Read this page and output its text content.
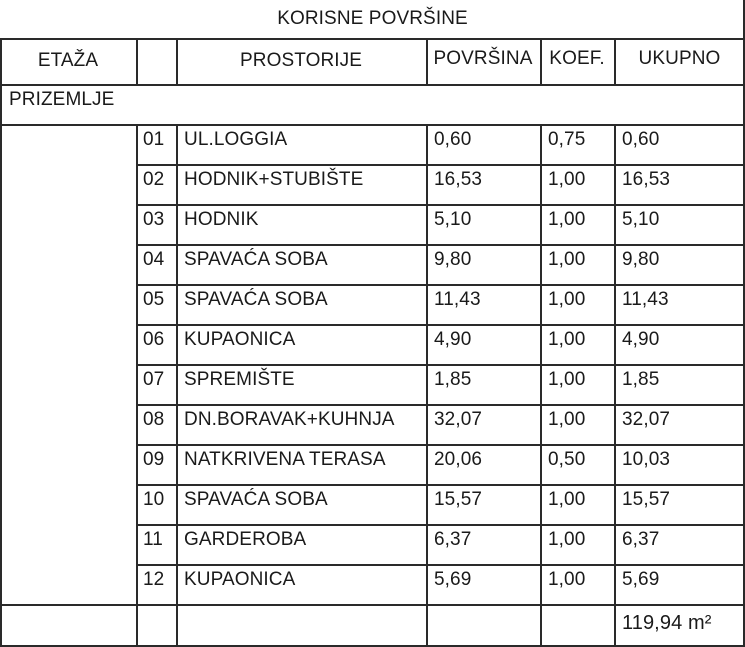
KORISNE POVRŠINE
ETAŽA	PROSTORIJE	POVRŠINA KOEF.	UKUPNO
PRIZEMLJE
01 UL.LOGGIA	0,60	0,75 0,60
02 HODNIK+STUBIŠTE	16,53	1,00 16,53
03 HODNIK	5,10	1,00 5,10
04 SPAVAĆA SOBA	9,80	1,00 9,80
05 SPAVAĆA SOBA	11,43	1,00 11,43
06 KUPAONICA	4,90	1,00 4,90
07 SPREMIŠTE	1,85	1,00 1,85
08 DN.BORAVAK+KUHNJA 32,07	1,00 32,07
09 NATKRIVENA TERASA	20,06	0,50 10,03
10 SPAVAĆA SOBA	15,57	1,00 15,57
11 GARDEROBA	6,37	1,00 6,37
12 KUPAONICA	5,69	1,00 5,69
119,94 m²
